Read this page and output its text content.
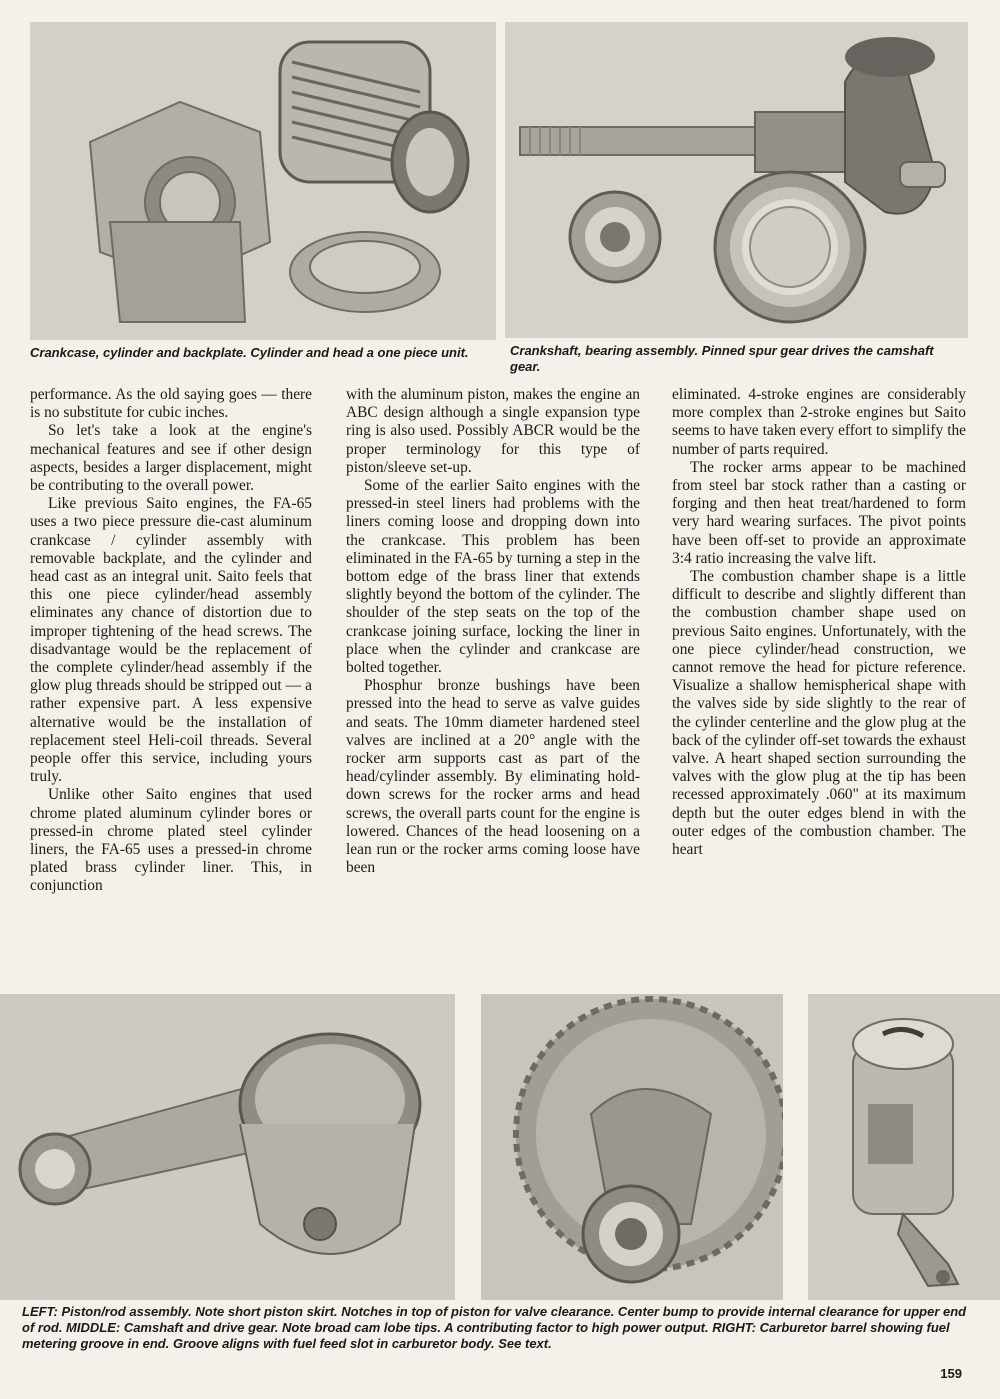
Crankcase, cylinder and backplate. Cylinder and head a one piece unit.	Crankshaft, bearing assembly. Pinned spur gear drives the camshaft gear.

performance. As the old saying goes — there is no substitute for cubic inches.

So let's take a look at the engine's mechanical features and see if other design aspects, besides a larger displacement, might be contributing to the overall power.

Like previous Saito engines, the FA-65 uses a two piece pressure die-cast aluminum crankcase / cylinder assembly with removable backplate, and the cylinder and head cast as an integral unit. Saito feels that this one piece cylinder/head assembly eliminates any chance of distortion due to improper tightening of the head screws. The disadvantage would be the replacement of the complete cylinder/head assembly if the glow plug threads should be stripped out — a rather expensive part. A less expensive alternative would be the installation of replacement steel Heli-coil threads. Several people offer this service, including yours truly.

Unlike other Saito engines that used chrome plated aluminum cylinder bores or pressed-in chrome plated steel cylinder liners, the FA-65 uses a pressed-in chrome plated brass cylinder liner. This, in conjunction

with the aluminum piston, makes the engine an ABC design although a single expansion type ring is also used. Possibly ABCR would be the proper terminology for this type of piston/sleeve set-up.

Some of the earlier Saito engines with the pressed-in steel liners had problems with the liners coming loose and dropping down into the crankcase. This problem has been eliminated in the FA-65 by turning a step in the bottom edge of the brass liner that extends slightly beyond the bottom of the cylinder. The shoulder of the step seats on the top of the crankcase joining surface, locking the liner in place when the cylinder and crankcase are bolted together.

Phosphur bronze bushings have been pressed into the head to serve as valve guides and seats. The 10mm diameter hardened steel valves are inclined at a 20° angle with the rocker arm supports cast as part of the head/cylinder assembly. By eliminating hold-down screws for the rocker arms and head screws, the overall parts count for the engine is lowered. Chances of the head loosening on a lean run or the rocker arms coming loose have been

eliminated. 4-stroke engines are considerably more complex than 2-stroke engines but Saito seems to have taken every effort to simplify the number of parts required.

The rocker arms appear to be machined from steel bar stock rather than a casting or forging and then heat treat/hardened to form very hard wearing surfaces. The pivot points have been off-set to provide an approximate 3:4 ratio increasing the valve lift.

The combustion chamber shape is a little difficult to describe and slightly different than the combustion chamber shape used on previous Saito engines. Unfortunately, with the one piece cylinder/head construction, we cannot remove the head for picture reference. Visualize a shallow hemispherical shape with the valves side by side slightly to the rear of the cylinder centerline and the glow plug at the back of the cylinder off-set towards the exhaust valve. A heart shaped section surrounding the valves with the glow plug at the tip has been recessed approximately .060" at its maximum depth but the outer edges blend in with the outer edges of the combustion chamber. The heart

LEFT: Piston/rod assembly. Note short piston skirt. Notches in top of piston for valve clearance. Center bump to provide internal clearance for upper end of rod. MIDDLE: Camshaft and drive gear. Note broad cam lobe tips. A contributing factor to high power output. RIGHT: Carburetor barrel showing fuel metering groove in end. Groove aligns with fuel feed slot in carburetor body. See text.
159
